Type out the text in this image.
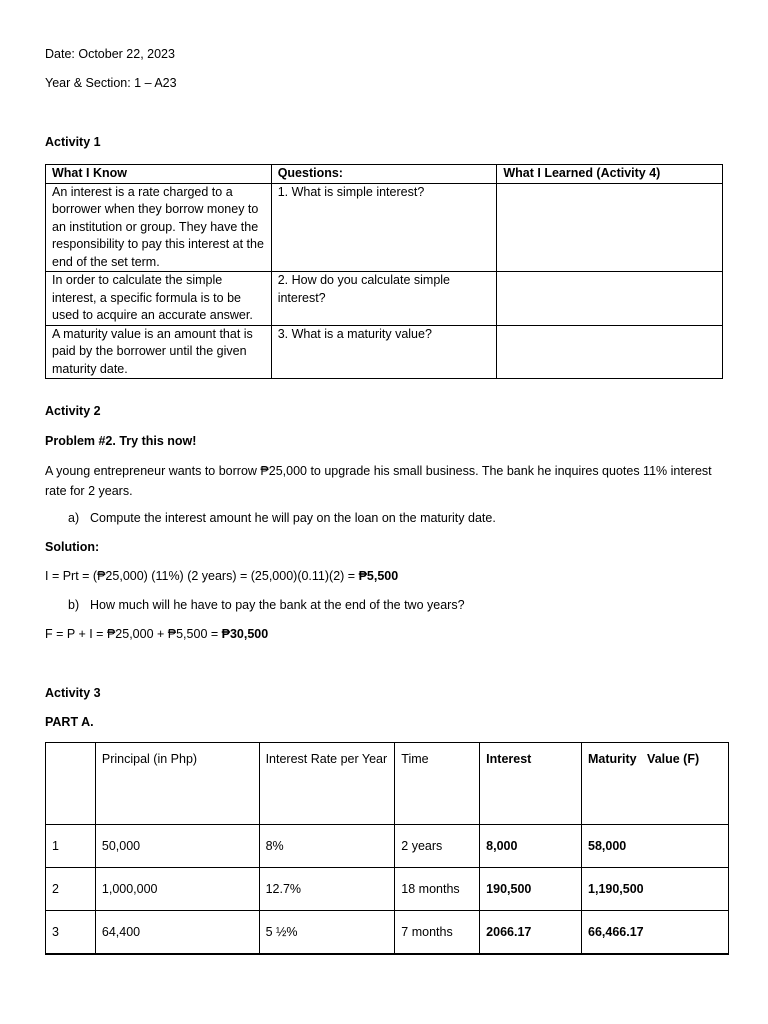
Date: October 22, 2023
Year & Section: 1 – A23
Activity 1
What I Know	Questions:	What I Learned (Activity 4)
An interest is a rate charged to a borrower when they borrow money to an institution or group. They have the responsibility to pay this interest at the end of the set term.	1. What is simple interest?	
In order to calculate the simple interest, a specific formula is to be used to acquire an accurate answer.	2. How do you calculate simple interest?	
A maturity value is an amount that is paid by the borrower until the given maturity date.	3. What is a maturity value?	
Activity 2
Problem #2. Try this now!
A young entrepreneur wants to borrow ₱25,000 to upgrade his small business. The bank he inquires quotes 11% interest rate for 2 years.
a) Compute the interest amount he will pay on the loan on the maturity date.
Solution:
I = Prt = (₱25,000) (11%) (2 years) = (25,000)(0.11)(2) = ₱5,500
b) How much will he have to pay the bank at the end of the two years?
F = P + I = ₱25,000 + ₱5,500 = ₱30,500
Activity 3
PART A.
	Principal (in Php)	Interest Rate per Year	Time	Interest	Maturity   Value (F)
1	50,000	8%	2 years	8,000	58,000
2	1,000,000	12.7%	18 months	190,500	1,190,500
3	64,400	5 ½%	7 months	2066.17	66,466.17
